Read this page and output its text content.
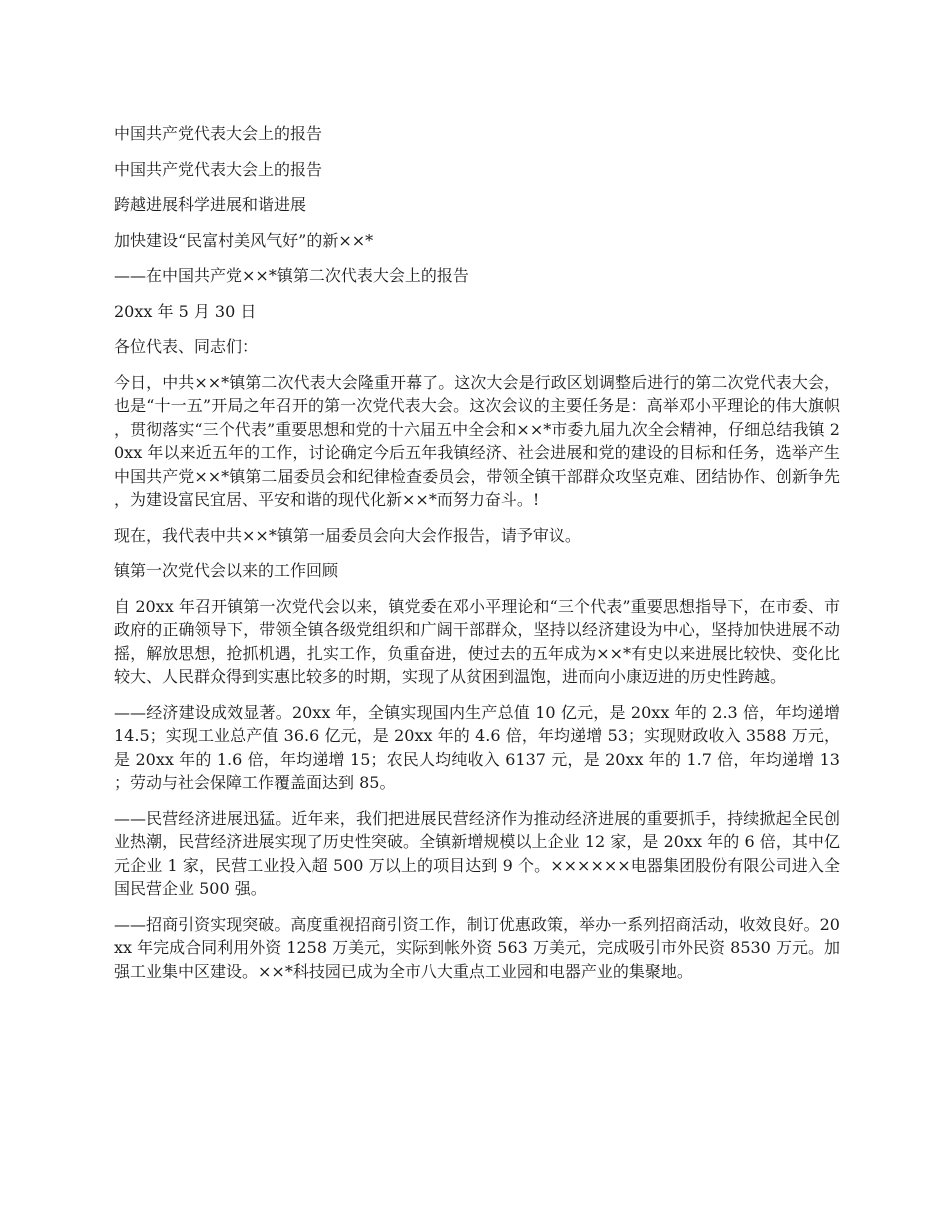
中国共产党代表大会上的报告

中国共产党代表大会上的报告

跨越进展科学进展和谐进展

加快建设“民富村美风气好”的新××*

——在中国共产党××*镇第二次代表大会上的报告

20xx 年 5 月 30 日

各位代表、同志们：

今日，中共××*镇第二次代表大会隆重开幕了。这次大会是行政区划调整后进行的第二次党代表大会，也是“十一五”开局之年召开的第一次党代表大会。这次会议的主要任务是：高举邓小平理论的伟大旗帜，贯彻落实“三个代表”重要思想和党的十六届五中全会和××*市委九届九次全会精神，仔细总结我镇 20xx 年以来近五年的工作，讨论确定今后五年我镇经济、社会进展和党的建设的目标和任务，选举产生中国共产党××*镇第二届委员会和纪律检查委员会，带领全镇干部群众攻坚克难、团结协作、创新争先，为建设富民宜居、平安和谐的现代化新××*而努力奋斗。!

现在，我代表中共××*镇第一届委员会向大会作报告，请予审议。

镇第一次党代会以来的工作回顾

自 20xx 年召开镇第一次党代会以来，镇党委在邓小平理论和“三个代表”重要思想指导下，在市委、市政府的正确领导下，带领全镇各级党组织和广阔干部群众，坚持以经济建设为中心，坚持加快进展不动摇，解放思想，抢抓机遇，扎实工作，负重奋进，使过去的五年成为××*有史以来进展比较快、变化比较大、人民群众得到实惠比较多的时期，实现了从贫困到温饱，进而向小康迈进的历史性跨越。

——经济建设成效显著。20xx 年，全镇实现国内生产总值 10 亿元，是 20xx 年的 2.3 倍，年均递增 14.5；实现工业总产值 36.6 亿元，是 20xx 年的 4.6 倍，年均递增 53；实现财政收入 3588 万元，是 20xx 年的 1.6 倍，年均递增 15；农民人均纯收入 6137 元，是 20xx 年的 1.7 倍，年均递增 13；劳动与社会保障工作覆盖面达到 85。

——民营经济进展迅猛。近年来，我们把进展民营经济作为推动经济进展的重要抓手，持续掀起全民创业热潮，民营经济进展实现了历史性突破。全镇新增规模以上企业 12 家，是 20xx 年的 6 倍，其中亿元企业 1 家，民营工业投入超 500 万以上的项目达到 9 个。××××××电器集团股份有限公司进入全国民营企业 500 强。

——招商引资实现突破。高度重视招商引资工作，制订优惠政策，举办一系列招商活动，收效良好。20xx 年完成合同利用外资 1258 万美元，实际到帐外资 563 万美元，完成吸引市外民资 8530 万元。加强工业集中区建设。××*科技园已成为全市八大重点工业园和电器产业的集聚地。
